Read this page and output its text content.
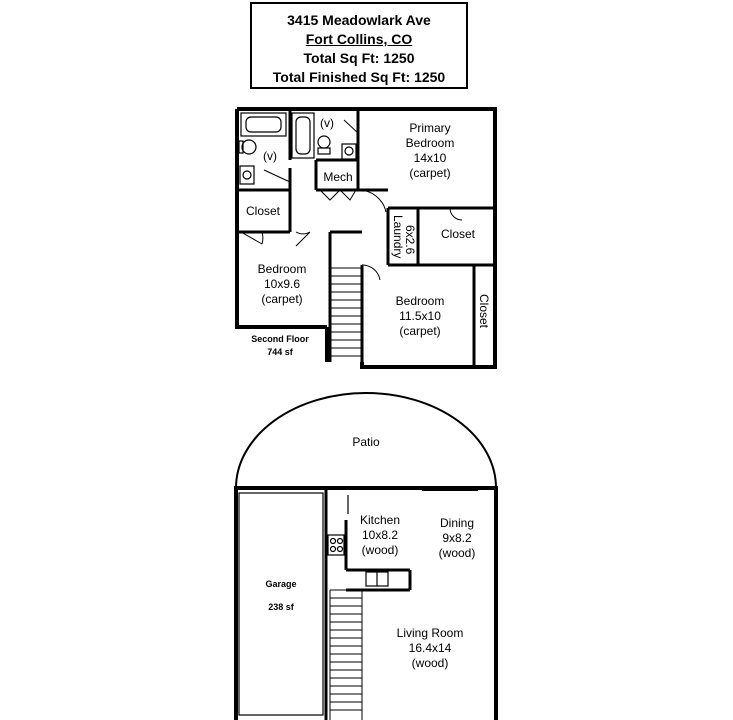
3415 Meadowlark Ave
Fort Collins, CO
Total Sq Ft: 1250
Total Finished Sq Ft: 1250
Primary
Bedroom
14x10
(carpet)
(v)
(v)
Mech
Closet
Closet
Laundry
6x2.6
Bedroom
10x9.6
(carpet)	Bedroom
11.5x10
(carpet)
Closet
Second Floor
744 sf
Patio
Garage
238 sf
Kitchen
10x8.2
(wood)
Dining
9x8.2
(wood)
Living Room
16.4x14
(wood)
